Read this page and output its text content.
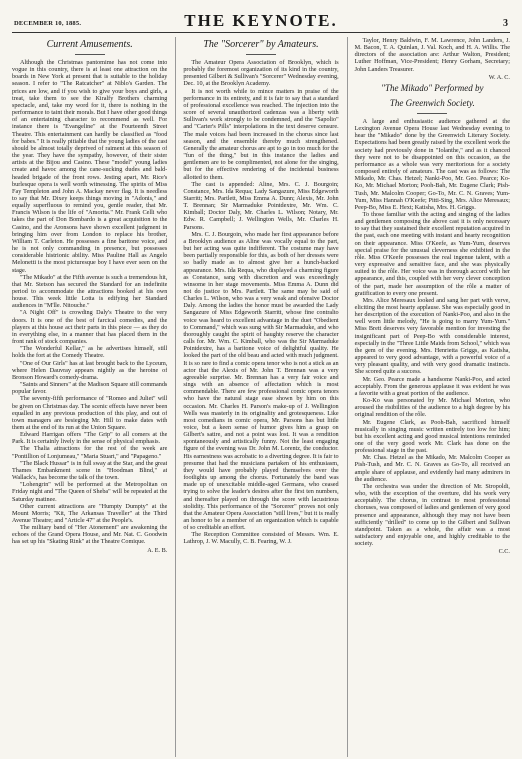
DECEMBER 10, 1885.	THE KEYNOTE.	3
Current Amusements.

Although the Christmas pantomime has not come into vogue in this country, there is at least one attraction on the boards in New York at present that is suitable to the holiday season. I refer to "The Ratcatcher" at Niblo's Garden. The prices are low, and if you wish to give your boys and girls, a treat, take them to see the Kiralfy Brothers charming spectacle, and, take my word for it, there is nothing in the performance to taint their morals. But I have other good things of an entertaining character to recommend as well. For instance there is "Evangeline" at the Fourteenth Street Theatre. This entertainment can hardly be classified as "food for babes." It is really pitiable that the young ladies of the cast should be almost totally deprived of raiment at this season of the year. They have the sympathy, however, of their sister artists at the Bijou and Casino. These "model" young ladies create and havoc among the cane-sucking dudes and bald-headed brigade of the front rows. Jesting apart, Mr. Rice's burlesque opera is well worth witnessing. The spirits of Miss Fay Templeton and John A. Mackay never flag. It is needless to say that Mr. Dixey keeps things moving in "Adonis," and equally superfluous to remind you, gentle reader, that Mr. Francis Wilson is the life of "Amorita." Mr. Frank Celli who takes the part of Don Bombardo is a great acquisition to the Casino, and the Aronsons have shown excellent judgment in bringing him over from London to replace his brother, William T. Carleton. He possesses a fine baritone voice, and he is not only commanding in presence, but possesses considerable histrionic ability. Miss Pauline Hall as Angelo Melonetti is the most picturesque boy I have ever seen on the stage.

"The Mikado" at the Fifth avenue is such a tremendous hit, that Mr. Stetson has secured the Standard for an indefinite period to accommodate the attractions booked at his own house. This week little Lotta is edifying her Standard audiences in "M'lle. Nitouche."

"A Night Off" is crowding Daly's Theatre to the very doors. It is one of the best of farcical comedies, and the players at this house act their parts in this piece — as they do in everything else, in a manner that has placed them in the front rank of stock companies.

"The Wonderful Kellar," as he advertises himself, still holds the fort at the Comedy Theatre.

"One of Our Girls" has at last brought back to the Lyceum, where Helen Dauvray appears nightly as the heroine of Bronson Howard's comedy-drama.

"Saints and Sinners" at the Madison Square still commands popular favor.

The seventy-fifth performance of "Romeo and Juliet" will be given on Christmas day. The scenic effects have never been equalled in any previous production of this play, and out of town managers are besieging Mr. Hill to make dates with them at the end of its run at the Union Square.

Edward Harrigan offers "The Grip" to all comers at the Park. It is certainly lively in the sense of physical emphasis.

The Thalia attractions for the rest of the week are "Pontillion of Lonjumeau," "Maria Stuart," and "Papageno."

"The Black Hussar" is in full sway at the Star, and the great Thames Embankment scene in "Hoodman Blind," at Wallack's, has become the talk of the town.

"Lohengrin" will be performed at the Metropolitan on Friday night and "The Queen of Sheba" will be repeated at the Saturday matinee.

Other current attractions are "Humpty Dumpty" at the Mount Morris; "Kit, The Arkansas Traveller" at the Third Avenue Theatre; and "Article 47" at the People's.

The military band of "Her Atonement" are awakening the echoes of the Grand Opera House, and Mr. Nat. C. Goodwin has set up his "Skating Rink" at the Theatre Comique.

A. E. B.
The "Sorcerer" by Amateurs.

The Amateur Opera Association of Brooklyn, which is probably the foremost organization of its kind in the country, presented Gilbert & Sullivan's "Sorcerer" Wednesday evening, Dec. 10, at the Brooklyn Academy.

It is not worth while to mince matters in praise of the performance in its entirety, and it is fair to say that a standard of professional excellence was reached. The injection into the score of several unauthorized cadenzas was a liberty with Sullivan's work strongly to be condemned, and the "Sapolio" and "Carter's Pills" interpolations in the text deserve censure. The male voices had been increased in the chorus since last season, and the ensemble thereby much strengthened. Generally the amateur chorus are apt to go in too much for the "fun of the thing," but in this instance the ladies and gentlemen are to be complimented, not alone for the singing, but for the effective rendering of the incidental business allotted to them.

The cast is appended: Aline, Mrs. C. J. Bourgoin; Constance, Mrs. Ida Requa; Lady Sangazure, Miss Edgeworth Starritt; Mrs. Partlett, Miss Emma A. Dunn; Alexis, Mr. John T. Brennan; Sir Marmaduke Pointdextre, Mr. Wm. C. Kimball; Doctor Daly, Mr. Charles L. Wilson; Notary, Mr. Edw. R. Campbell; J. Wellington Wells, Mr. Charles H. Parsons.

Mrs. C. J. Bourgoin, who made her first appearance before a Brooklyn audience as Aline was vocally equal to the part, but her acting was quite indifferent. The costume may have been partially responsible for this, as both of her dresses were so badly made as to almost give her a hunch-backed appearance. Mrs. Ida Requa, who displayed a charming figure as Constance, sang with discretion and was exceedingly winsome in her stage movements. Miss Emma A. Dunn did not do justice to Mrs. Partlett. The same may be said of Charles L. Wilson, who was a very weak and ofensive Doctor Daly. Among the ladies the honor must be awarded the Lady Sangazure of Miss Edgeworth Starritt, whose fine contralto voice was heard to excellent advantage in the duet "Obedient to Command," which was sung with Sir Marmaduke, and who thoroughly caught the spirit of haughty reserve the character calls for. Mr. Wm. C. Kimball, who was the Sir Marmaduke Pointdextre, has a baritone voice of delightful quality. He looked the part of the old beau and acted with much judgment. It is so rare to find a comic opera tenor who is not a stick as an actor that the Alexis of Mr. John T. Brennan was a very agreeable surprise. Mr. Brennan has a very fair voice and sings with an absence of affectation which is most commendable. There are few professional comic opera tenors who have the natural stage ease shown by him on this occasion. Mr. Charles H. Parson's make-up of J. Wellington Wells was masterly in its originality and grotesqueness. Like most comedians in comic opera, Mr. Parsons has but little voice, but a keen sense of humor gives him a grasp on Gilbert's satire, and not a point was lost. It was a rendition spontaneously and artistically funny. Not the least engaging figure of the evening was Dr. John M. Lorentz, the conductor. His earnestness was acrobatic to a diverting degree. It is fair to presume that had the musicians partaken of his enthusiasm, they would have probably played themselves over the footlights up among the chorus. Fortunately the band was made up of unexcitable middle-aged Germans, who ceased trying to solve the leader's desires after the first ten numbers, and thereafter played on through the score with lacustrious stolidity. This performance of the "Sorcerer" proves not only that the Amateur Opera Association "still lives," but it is really an honor to be a member of an organization which is capable of so creditable an effort.

The Reception Committee consisted of Messrs. Wm. E. Lathrop, J. W. Macully, C. B. Fearing, W. J.

Taylor, Henry Baldwin, F. M. Lawrence, John Landers, J. M. Bacon, T. A. Quinlan, J. Val. Koch, and H. A. Willis. The directors of the association are: Arthur Walton, President; Luther Hoffman, Vice-President; Henry Gorham, Secretary; John Landers Treasurer.

W. A. C.
"The Mikado" Performed by
The Greenwich Society.

A large and enthusiastic audience gathered at the Lexington Avenue Opera House last Wednesday evening to hear the "Mikado" done by the Greenwich Literary Society. Expectations had been greatly raised by the excellent work the society had previously done in "Iolanthe," and as it chanced they were not to be disappointed on this occasion, as the performance as a whole was very meritorious for a society composed entirely of amateurs. The cast was as follows: The Mikado, Mr. Chas. Hetzel; Nanki-Poo, Mr. Geo. Pearce; Ko-Ko, Mr. Michael Morton; Pooh-Bah, Mr. Eugene Clark; Pish-Tush, Mr. Malcolm Cooper; Go-To, Mr. C. N. Graves; Yum-Yum, Miss Hannah O'Keefe; Pitti-Sing, Mrs. Alice Meresaux; Peep-Bo, Miss E. Hext; Katisha, Mrs. H. Griggs.

To those familiar with the acting and singing of the ladies and gentlemen composing the above cast it is only necessary to say that they sustained their excellent reputation acquired in the past, each one meeting with instant and hearty recognition on their appearance. Miss O'Keefe, as Yum-Yum, deserves special praise for the unusual cleverness she exhibited in the rôle. Miss O'Keefe possesses the real ingenue talent, with a very expressive and sensitive face, and she was physically suited to the rôle. Her voice was in thorough accord with her appearance, and this, coupled with her very clever conception of the part, made her assumption of the rôle a matter of gratification to every one present.

Mrs. Alice Meresaux looked and sang her part with verve, eliciting the most hearty applause. She was especially good in her description of the execution of Nanki-Poo, and also in the well worn little melody, "He is going to marry Yum-Yum." Miss Brett deserves very favorable mention for investing the insignificant part of Peep-Bo with considerable interest, especially in the "Three Little Maids from School," which was the gem of the evening. Mrs. Henrietta Griggs, as Katisha, appeared to very good advantage, with a powerful voice of a very pleasant quality, and with very good dramatic instincts. She scored quite a success.

Mr. Geo. Pearce made a handsome Nanki-Poo, and acted acceptably. From the generous applause it was evident he was a favorite with a great portion of the audience.

Ko-Ko was personated by Mr. Michael Morton, who aroused the risibilities of the audience to a high degree by his original rendition of the rôle.

Mr. Eugene Clark, as Pooh-Bah, sacrificed himself musically in singing music written entirely too low for him; but his excellent acting and good musical intentions reminded one of the very good work Mr. Clark has done on the professional stage in the past.

Mr. Chas. Hetzel as the Mikado, Mr. Malcolm Cooper as Pish-Tush, and Mr. C. N. Graves as Go-To, all received an ample share of applause, and evidently had many admirers in the audience.

The orchestra was under the direction of Mr. Stropoldi, who, with the exception of the overture, did his work very acceptably. The chorus, in contrast to most professional choruses, was composed of ladies and gentlemen of very good presence and appearance, although they may not have been sufficiently "drilled" to come up to the Gilbert and Sullivan standpoint. Taken as a whole, the affair was a most satisfactory and enjoyable one, and highly creditable to the society.

C.C.
